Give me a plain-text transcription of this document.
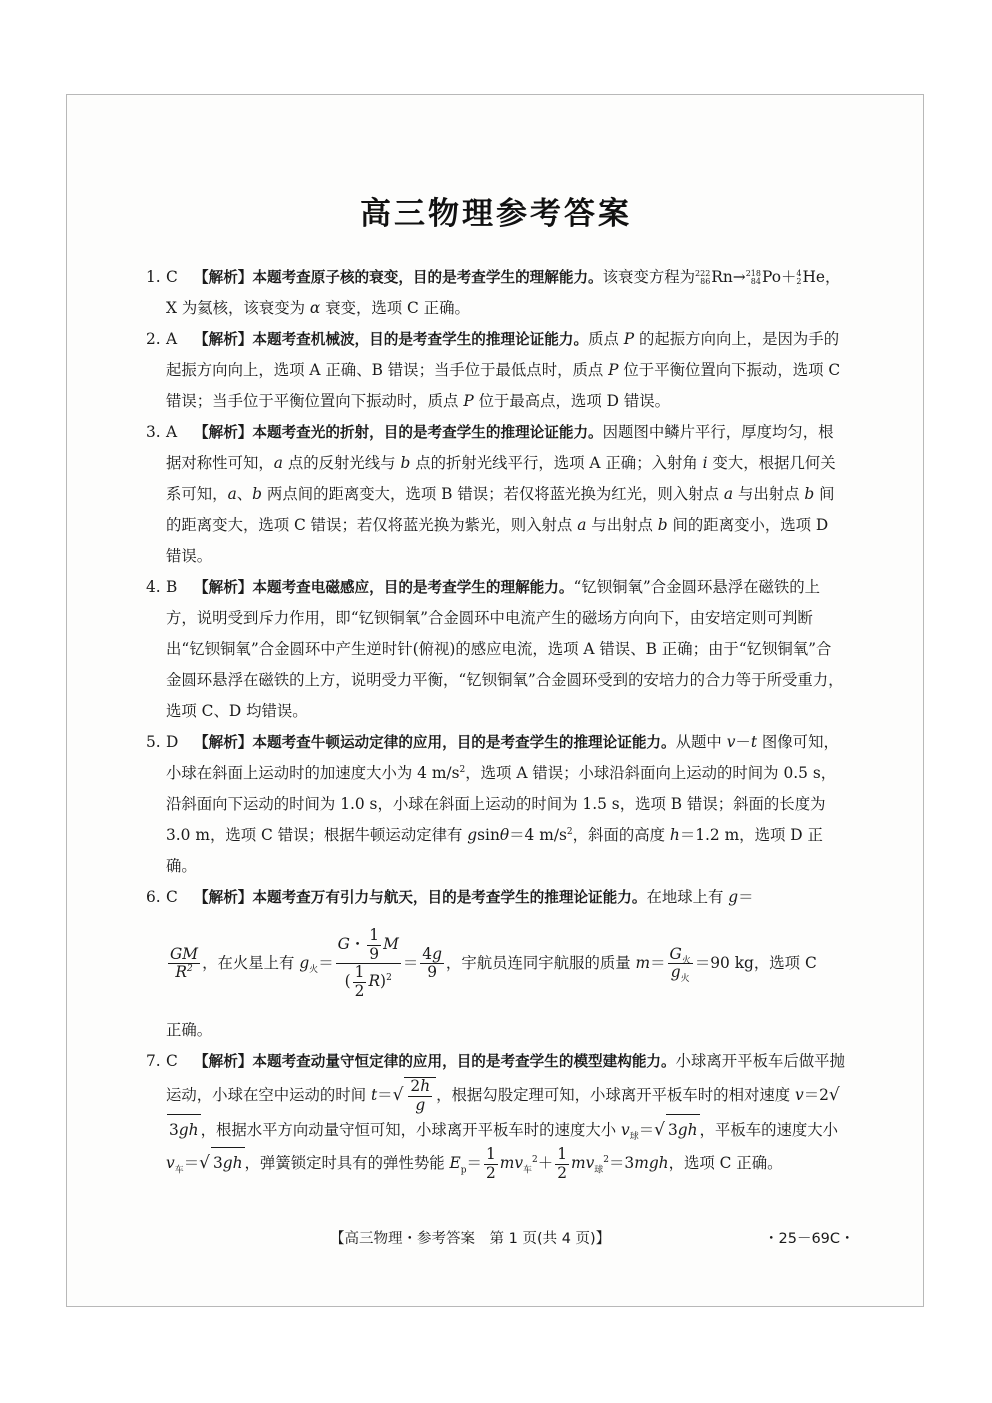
高三物理参考答案

1. C 【解析】本题考查原子核的衰变，目的是考查学生的理解能力。该衰变方程为 222
86 Rn→ 218
84 Po＋ 4
2 He，X 为氦核，该衰变为 α 衰变，选项 C 正确。

2. A 【解析】本题考查机械波，目的是考查学生的推理论证能力。质点 P 的起振方向向上，是因为手的起振方向向上，选项 A 正确、B 错误；当手位于最低点时，质点 P 位于平衡位置向下振动，选项 C 错误；当手位于平衡位置向下振动时，质点 P 位于最高点，选项 D 错误。

3. A 【解析】本题考查光的折射，目的是考查学生的推理论证能力。因题图中鳞片平行，厚度均匀，根据对称性可知，a 点的反射光线与 b 点的折射光线平行，选项 A 正确；入射角 i 变大，根据几何关系可知，a、b 两点间的距离变大，选项 B 错误；若仅将蓝光换为红光，则入射点 a 与出射点 b 间的距离变大，选项 C 错误；若仅将蓝光换为紫光，则入射点 a 与出射点 b 间的距离变小，选项 D 错误。

4. B 【解析】本题考查电磁感应，目的是考查学生的理解能力。“钇钡铜氧”合金圆环悬浮在磁铁的上方，说明受到斥力作用，即“钇钡铜氧”合金圆环中电流产生的磁场方向向下，由安培定则可判断出“钇钡铜氧”合金圆环中产生逆时针(俯视)的感应电流，选项 A 错误、B 正确；由于“钇钡铜氧”合金圆环悬浮在磁铁的上方，说明受力平衡，“钇钡铜氧”合金圆环受到的安培力的合力等于所受重力，选项 C、D 均错误。

5. D 【解析】本题考查牛顿运动定律的应用，目的是考查学生的推理论证能力。从题中 v－t 图像可知，小球在斜面上运动时的加速度大小为 4 $m/s^2$，选项 A 错误；小球沿斜面向上运动的时间为 0.5 s，沿斜面向下运动的时间为 1.0 s，小球在斜面上运动的时间为 1.5 s，选项 B 错误；斜面的长度为 3.0 m，选项 C 错误；根据牛顿运动定律有 gsinθ＝4 $m/s^2$，斜面的高度 h＝1.2 m，选项 D 正确。

6. C 【解析】本题考查万有引力与航天，目的是考查学生的推理论证能力。在地球上有 g＝
$\frac{GM}{R^2}$ ，在火星上有 $g_火= \frac{G・ \frac{1}{9} M}{( \frac{1}{2} R)^2} = \frac{4g}{9}$ ，宇航员连同宇航服的质量 $m= \frac{G_火}{g_火} =90$ kg，选项 C
正确。
7. C 【解析】本题考查动量守恒定律的应用，目的是考查学生的模型建构能力。小球离开平板车后做平抛运动，小球在空中运动的时间 $t=√ \frac{2h}{g}$ ，根据勾股定理可知，小球离开平板车时的相对速度 v＝2√3gh ，根据水平方向动量守恒可知，小球离开平板车时的速度大小 $v_球=√$ 3gh ，平板车的速度大小 $v_车=√$ 3gh ，弹簧锁定时具有的弹性势能 $E_p= \frac{1}{2} mv_车^2+ \frac{1}{2} mv_球^2=3mgh$，选项 C 正确。
【高三物理・参考答案　第 1 页(共 4 页)】	・25－69C・
